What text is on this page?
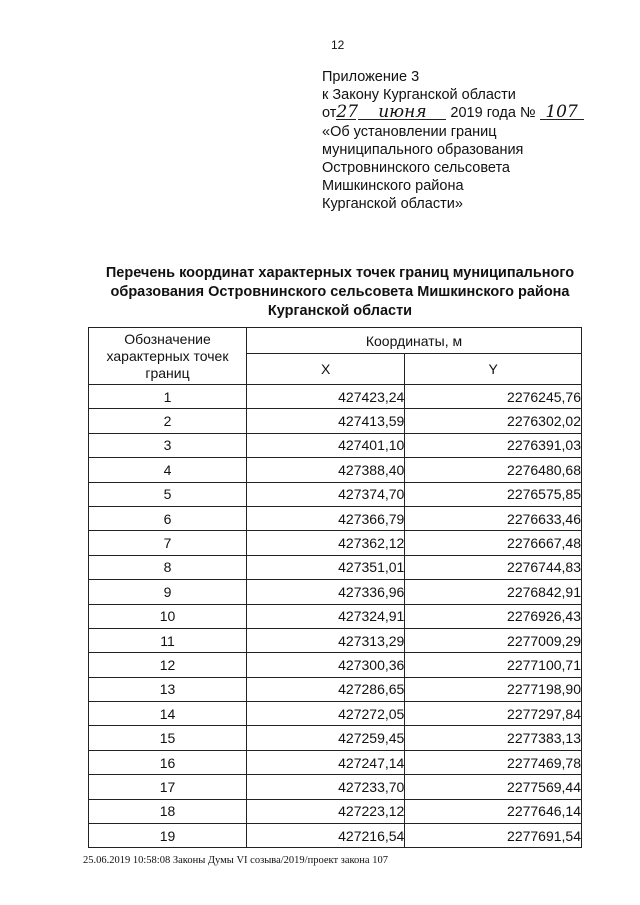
12
Приложение 3
к Закону Курганской области
от27 июня 2019 года № 107
«Об установлении границ
муниципального образования
Островнинского сельсовета
Мишкинского района
Курганской области»
Перечень координат характерных точек границ муниципального
образования Островнинского сельсовета Мишкинского района
Курганской области
Обозначение характерных точек границ	Координаты, м	
	X	Y
1	427423,24	2276245,76
2	427413,59	2276302,02
3	427401,10	2276391,03
4	427388,40	2276480,68
5	427374,70	2276575,85
6	427366,79	2276633,46
7	427362,12	2276667,48
8	427351,01	2276744,83
9	427336,96	2276842,91
10	427324,91	2276926,43
11	427313,29	2277009,29
12	427300,36	2277100,71
13	427286,65	2277198,90
14	427272,05	2277297,84
15	427259,45	2277383,13
16	427247,14	2277469,78
17	427233,70	2277569,44
18	427223,12	2277646,14
19	427216,54	2277691,54
25.06.2019 10:58:08 Законы Думы VI созыва/2019/проект закона 107
